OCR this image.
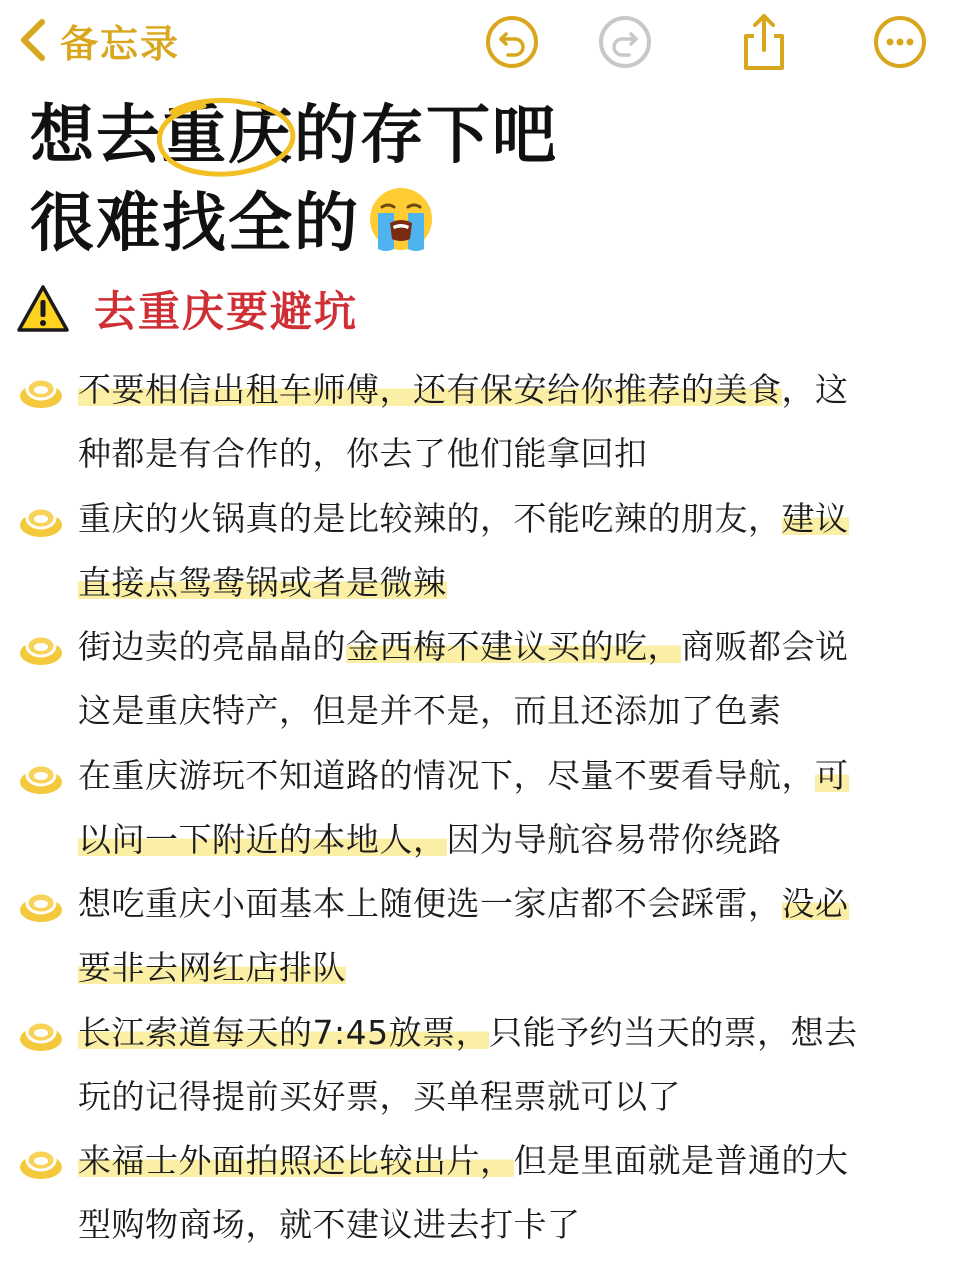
备忘录
想去
重庆的存下吧
很难找全的
去重庆要避坑
不要相信出租车师傅，还有保安给你推荐的美食，这
种都是有合作的，你去了他们能拿回扣
重庆的火锅真的是比较辣的，不能吃辣的朋友，建议
直接点鸳鸯锅或者是微辣
街边卖的亮晶晶的金西梅不建议买的吃，商贩都会说
这是重庆特产，但是并不是，而且还添加了色素
在重庆游玩不知道路的情况下，尽量不要看导航，可
以问一下附近的本地人，因为导航容易带你绕路
想吃重庆小面基本上随便选一家店都不会踩雷，没必
要非去网红店排队
长江索道每天的7:45放票，只能予约当天的票，想去
玩的记得提前买好票，买单程票就可以了
来福士外面拍照还比较出片，但是里面就是普通的大
型购物商场，就不建议进去打卡了
